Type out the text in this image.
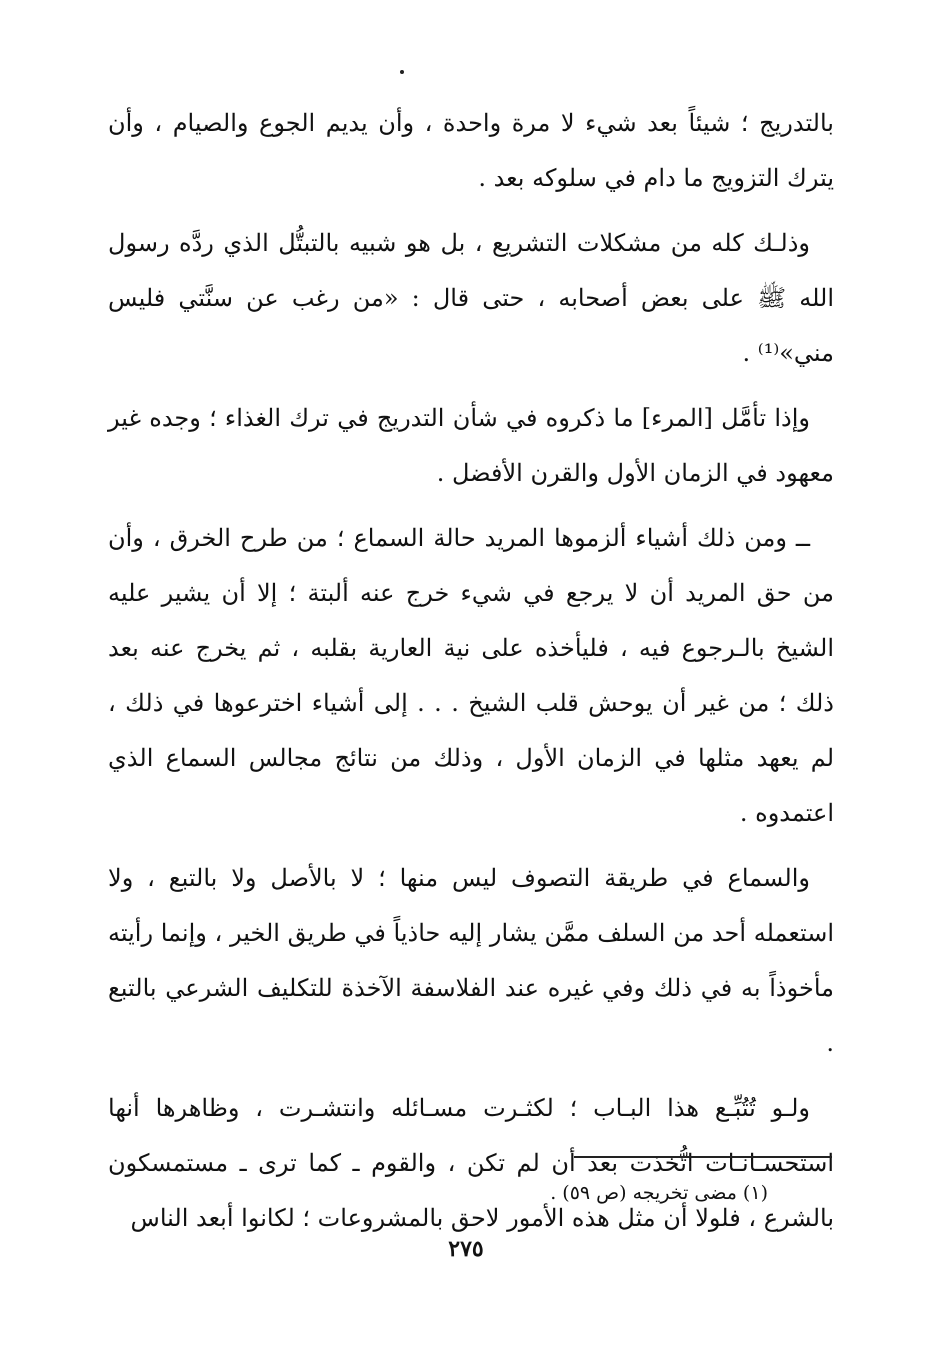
بالتدريج ؛ شيئاً بعد شيء لا مرة واحدة ، وأن يديم الجوع والصيام ، وأن يترك التزويج ما دام في سلوكه بعد .

وذلـك كله من مشكلات التشريع ، بل هو شبيه بالتبتُّل الذي ردَّه رسول الله ﷺ على بعض أصحابه ، حتى قال : «من رغب عن سنَّتي فليس مني»⁽¹⁾ .

وإذا تأمَّل [المرء] ما ذكروه في شأن التدريج في ترك الغذاء ؛ وجده غير معهود في الزمان الأول والقرن الأفضل .

ــ ومن ذلك أشياء ألزموها المريد حالة السماع ؛ من طرح الخرق ، وأن من حق المريد أن لا يرجع في شيء خرج عنه ألبتة ؛ إلا أن يشير عليه الشيخ بالـرجوع فيه ، فليأخذه على نية العارية بقلبه ، ثم يخرج عنه بعد ذلك ؛ من غير أن يوحش قلب الشيخ . . . إلى أشياء اخترعوها في ذلك ، لم يعهد مثلها في الزمان الأول ، وذلك من نتائج مجالس السماع الذي اعتمدوه .

والسماع في طريقة التصوف ليس منها ؛ لا بالأصل ولا بالتبع ، ولا استعمله أحد من السلف ممَّن يشار إليه حاذياً في طريق الخير ، وإنما رأيته مأخوذاً به في ذلك وفي غيره عند الفلاسفة الآخذة للتكليف الشرعي بالتبع .

ولـو تُتُبِّـع هذا البـاب ؛ لكثـرت مسـائله وانتشـرت ، وظاهرها أنها استحسـانـات اتُّخذت بعد أن لم تكن ، والقوم ـ كما ترى ـ مستمسكون بالشرع ، فلولا أن مثل هذه الأمور لاحق بالمشروعات ؛ لكانوا أبعد الناس

(١) مضى تخريجه (ص ٥٩) .
٢٧٥
